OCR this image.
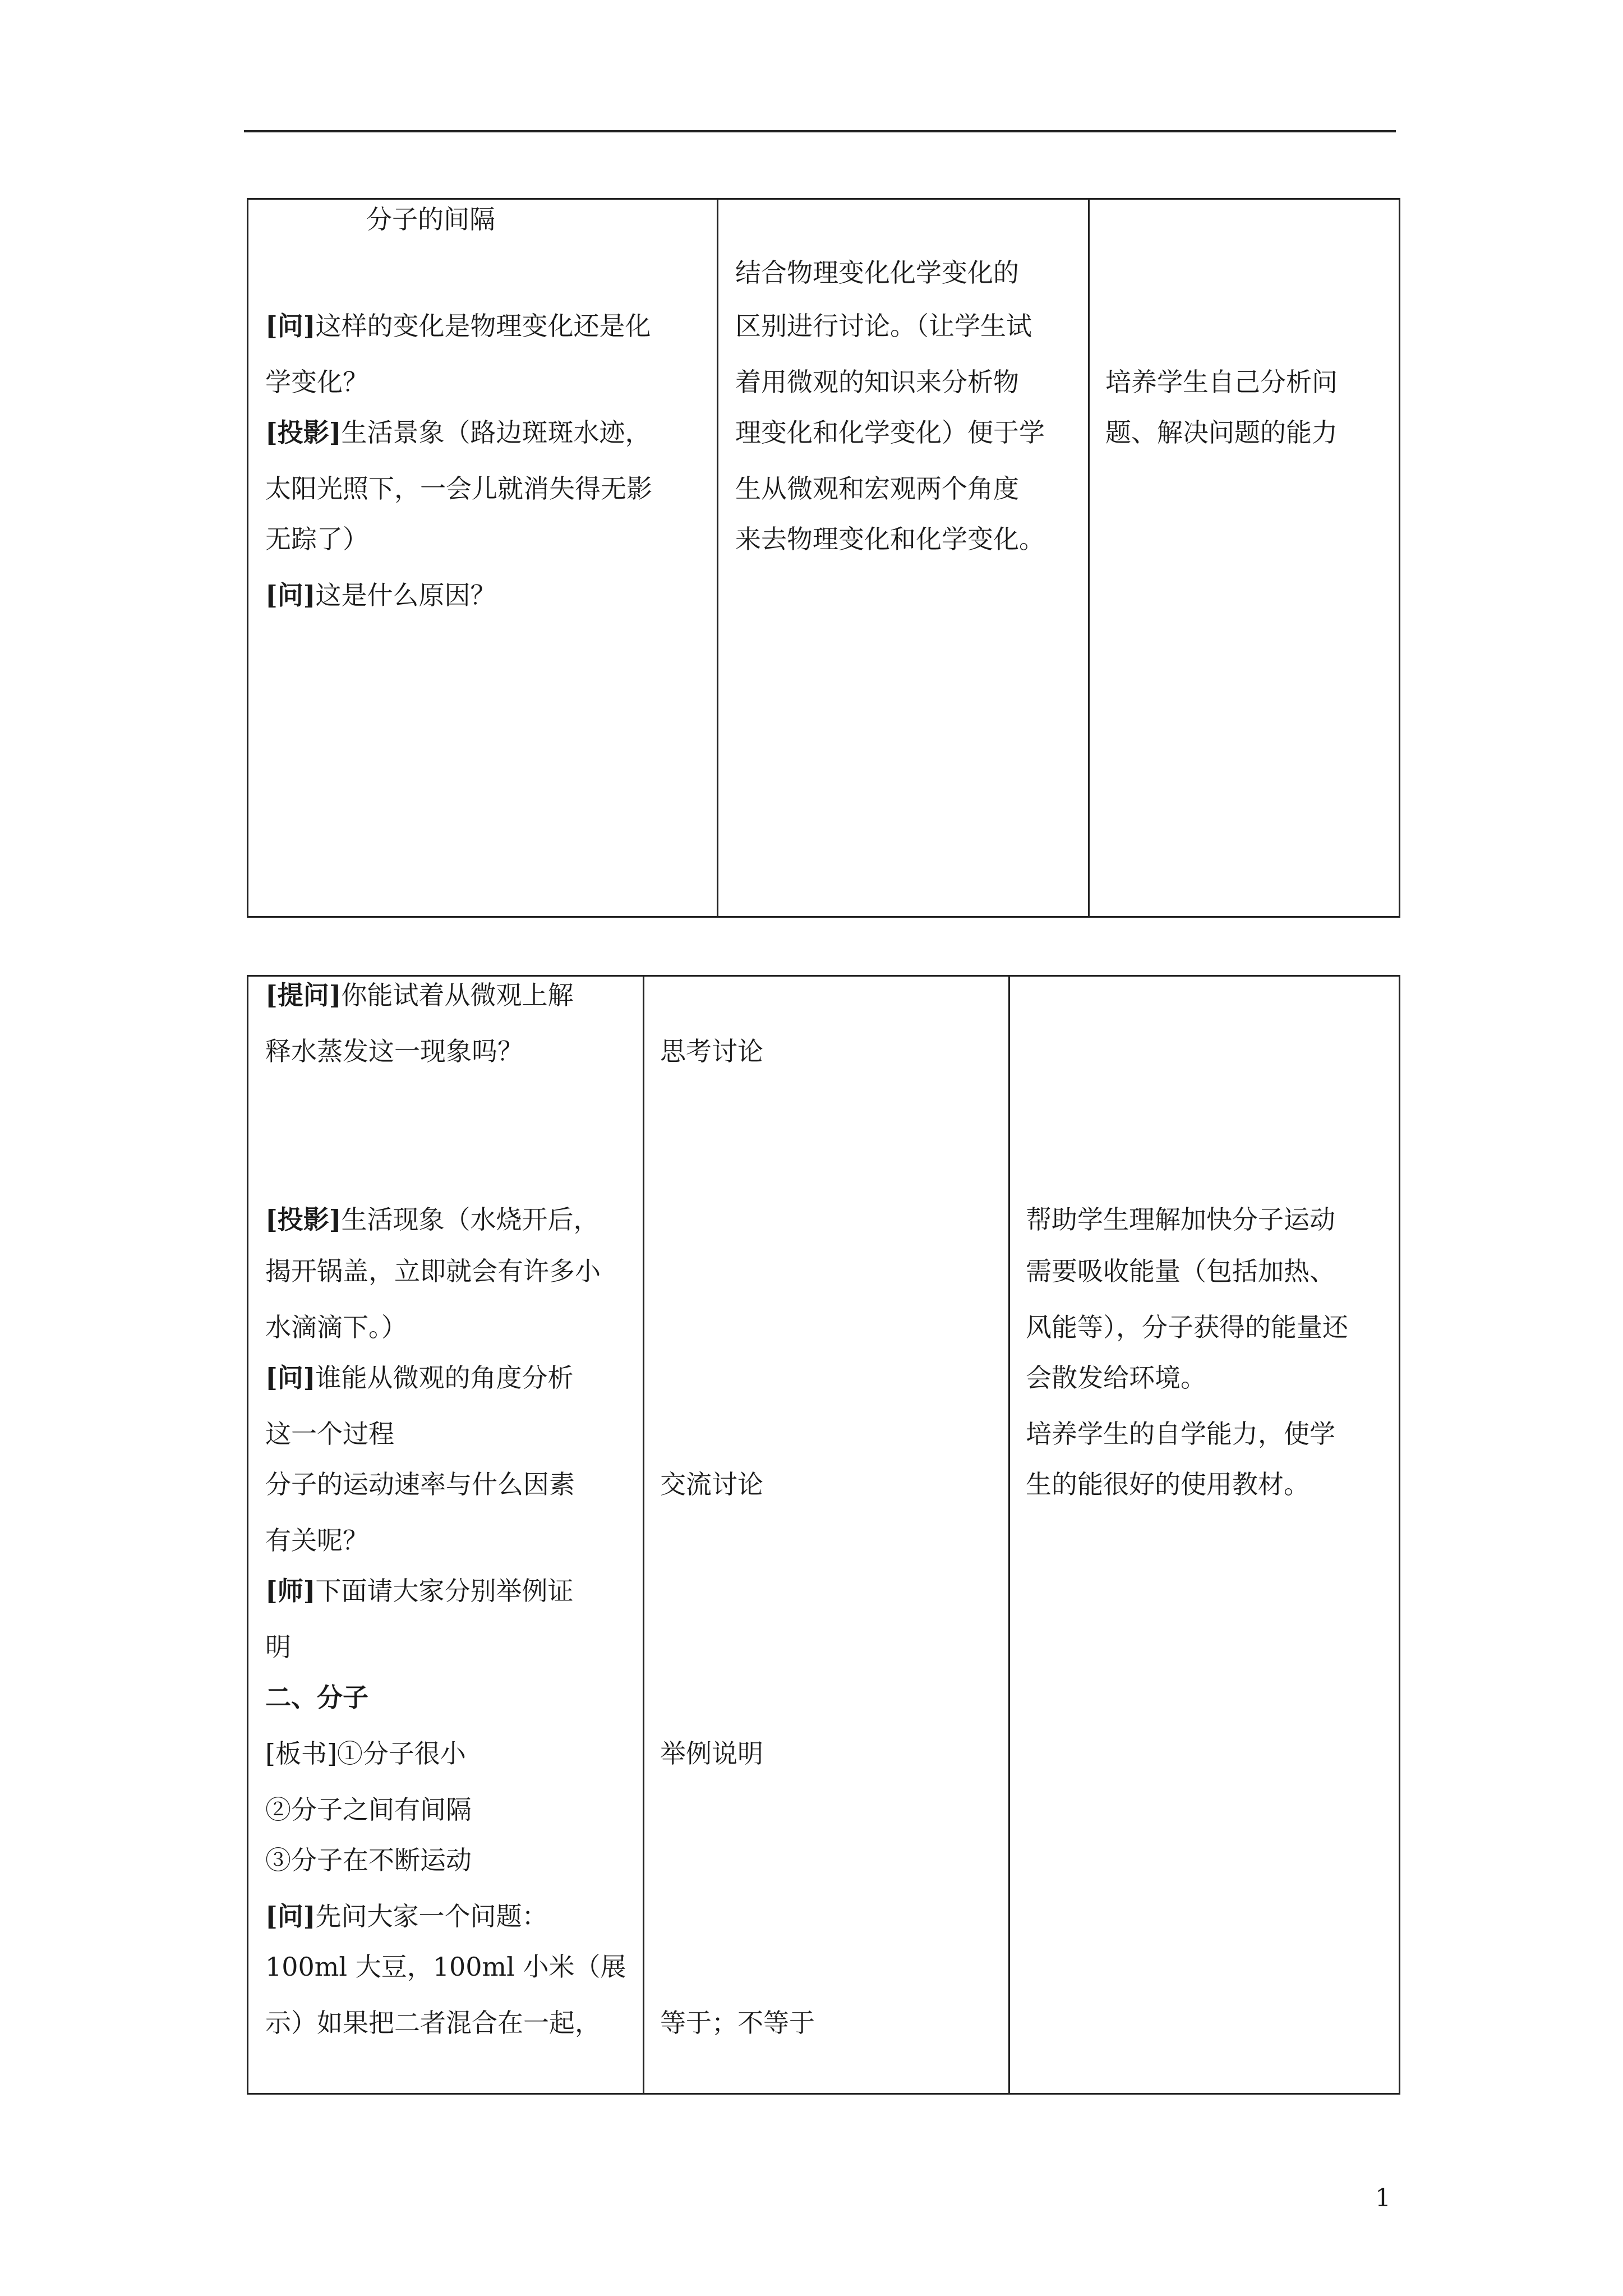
分子的间隔
[问]这样的变化是物理变化还是化
学变化？
[投影]生活景象（路边斑斑水迹，
太阳光照下，一会儿就消失得无影
无踪了）
[问]这是什么原因？

结合物理变化化学变化的
区别进行讨论。（让学生试
着用微观的知识来分析物
理变化和化学变化）便于学
生从微观和宏观两个角度
来去物理变化和化学变化。

培养学生自己分析问
题、解决问题的能力
[提问]你能试着从微观上解
释水蒸发这一现象吗？
[投影]生活现象（水烧开后，
揭开锅盖，立即就会有许多小
水滴滴下。）
[问]谁能从微观的角度分析
这一个过程
分子的运动速率与什么因素
有关呢？
[师]下面请大家分别举例证
明
二、分子
[板书]①分子很小
②分子之间有间隔
③分子在不断运动
[问]先问大家一个问题：
100ml 大豆，100ml 小米（展
示）如果把二者混合在一起，

思考讨论
交流讨论
举例说明
等于；不等于

帮助学生理解加快分子运动
需要吸收能量（包括加热、
风能等），分子获得的能量还
会散发给环境。
培养学生的自学能力，使学
生的能很好的使用教材。
1
